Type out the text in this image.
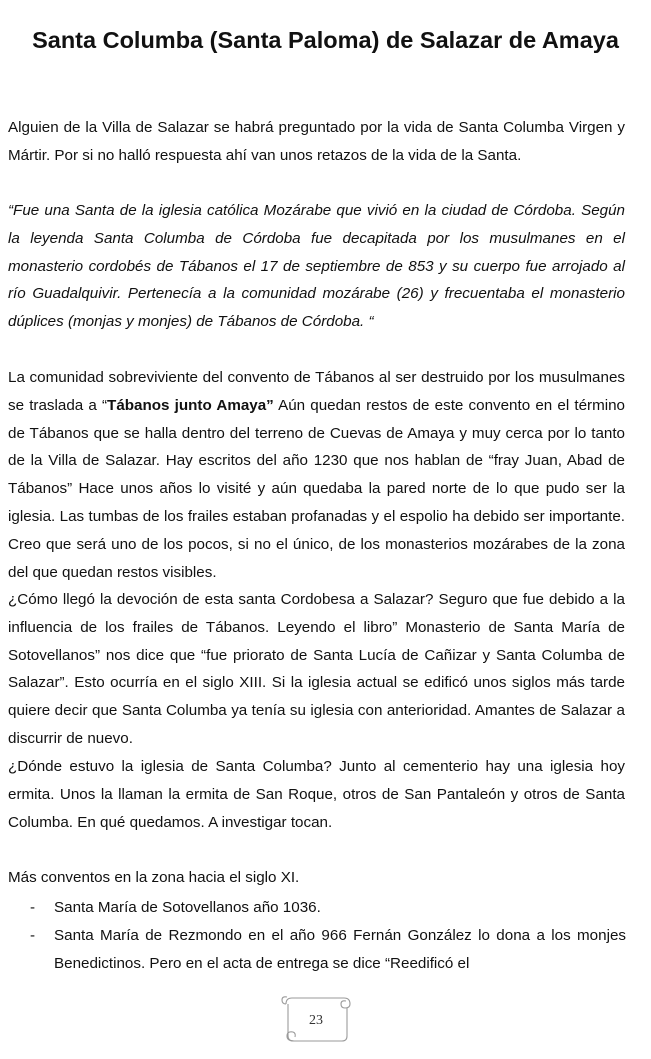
Santa Columba (Santa Paloma) de Salazar de Amaya

Alguien de la Villa de Salazar se habrá preguntado por la vida de Santa Columba Virgen y Mártir. Por si no halló respuesta ahí van unos retazos de la vida de la Santa.

“Fue una Santa de la iglesia católica Mozárabe que vivió en la ciudad de Córdoba. Según la leyenda Santa Columba de Córdoba fue decapitada por los musulmanes en el monasterio cordobés de Tábanos el 17 de septiembre de 853 y su cuerpo fue arrojado al río Guadalquivir. Pertenecía a la comunidad mozárabe (26) y frecuentaba el monasterio dúplices (monjas y monjes) de Tábanos de Córdoba. “

La comunidad sobreviviente del convento de Tábanos al ser destruido por los musulmanes se traslada a “Tábanos junto Amaya” Aún quedan restos de este convento en el término de Tábanos que se halla dentro del terreno de Cuevas de Amaya y muy cerca por lo tanto de la Villa de Salazar. Hay escritos del año 1230 que nos hablan de “fray Juan, Abad de Tábanos” Hace unos años lo visité y aún quedaba la pared norte de lo que pudo ser la iglesia. Las tumbas de los frailes estaban profanadas y el espolio ha debido ser importante. Creo que será uno de los pocos, si no el único, de los monasterios mozárabes de la zona del que quedan restos visibles.

¿Cómo llegó la devoción de esta santa Cordobesa a Salazar? Seguro que fue debido a la influencia de los frailes de Tábanos. Leyendo el libro” Monasterio de Santa María de Sotovellanos” nos dice que “fue priorato de Santa Lucía de Cañizar y Santa Columba de Salazar”. Esto ocurría en el siglo XIII. Si la iglesia actual se edificó unos siglos más tarde quiere decir que Santa Columba ya tenía su iglesia con anterioridad. Amantes de Salazar a discurrir de nuevo.

¿Dónde estuvo la iglesia de Santa Columba? Junto al cementerio hay una iglesia hoy ermita. Unos la llaman la ermita de San Roque, otros de San Pantaleón y otros de Santa Columba. En qué quedamos. A investigar tocan.

Más conventos en la zona hacia el siglo XI.

- Santa María de Sotovellanos año 1036.
- Santa María de Rezmondo en el año 966 Fernán González lo dona a los monjes Benedictinos. Pero en el acta de entrega se dice “Reedificó el
23
